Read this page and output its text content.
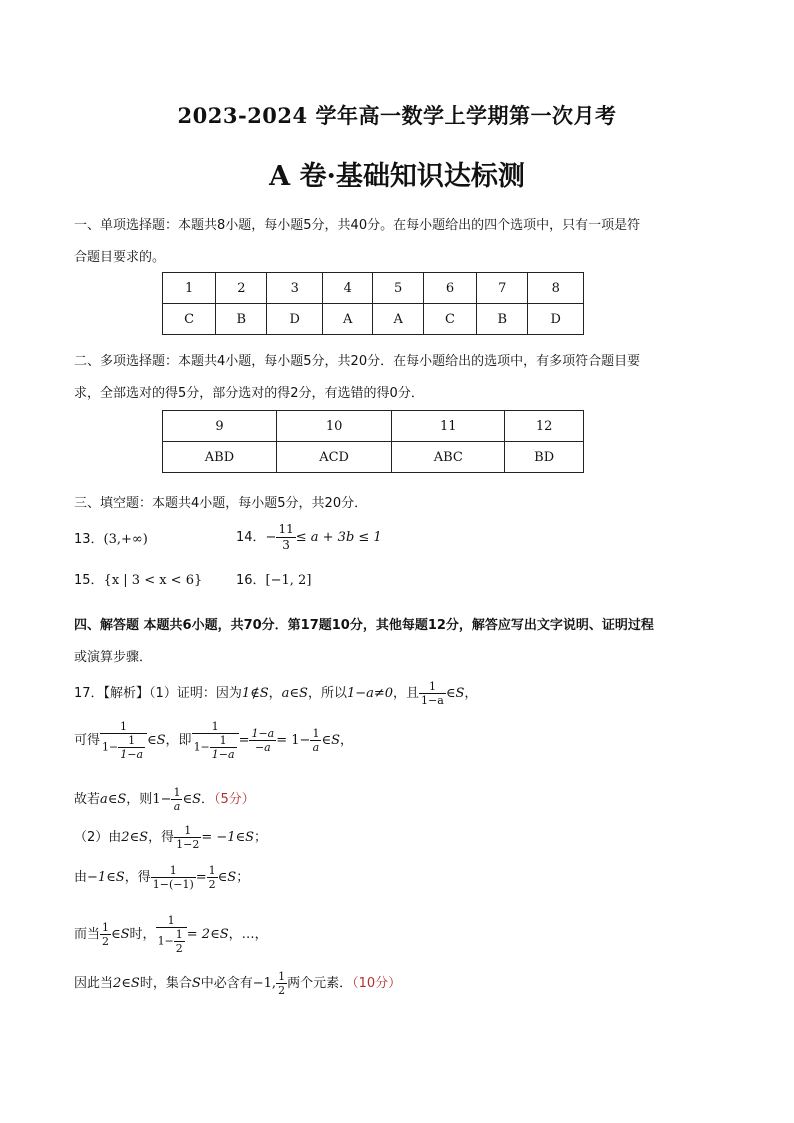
2023-2024 学年高一数学上学期第一次月考
A 卷·基础知识达标测
一、单项选择题：本题共8小题，每小题5分，共40分。在每小题给出的四个选项中，只有一项是符
合题目要求的。
1	2	3	4	5	6	7	8
C	B	D	A	A	C	B	D
二、多项选择题：本题共4小题，每小题5分，共20分．在每小题给出的选项中，有多项符合题目要
求，全部选对的得5分，部分选对的得2分，有选错的得0分．
9	10	11	12
ABD	ACD	ABC	BD
三、填空题：本题共4小题，每小题5分，共20分．
13．(3,+∞)	14．− $\frac{11}{3} \le a + 3b \le 1$
15．{x | 3 < x < 6}	16．[−1, 2]
四、解答题 本题共6小题，共70分．第17题10分，其他每题12分，解答应写出文字说明、证明过程
或演算步骤．
17．【解析】（1）证明：因为1∉S，a∈S，所以1−a≠0，且 $\frac{1}{1-a}$ ∈S，
可得 $\frac{1}{1- \frac{1}{1-a}}$ ∈S，即 $\frac{1}{1- \frac{1}{1-a}} = \frac{1-a}{-a} = 1- \frac{1}{a}$ ∈S，
故若a∈S，则$1- \frac{1}{a}$ ∈S．（5分）
（2）由2∈S，得 $\frac{1}{1-2}$ = −1∈S；
由−1∈S，得 $\frac{1}{1-(-1)} = \frac{1}{2}$ ∈S；
而当 $\frac{1}{2}$ ∈S时， $\frac{1}{1- \frac{1}{2}}$ = 2∈S，…，
因此当2∈S时，集合S中必含有−1, $\frac{1}{2}$ 两个元素．（10分）
